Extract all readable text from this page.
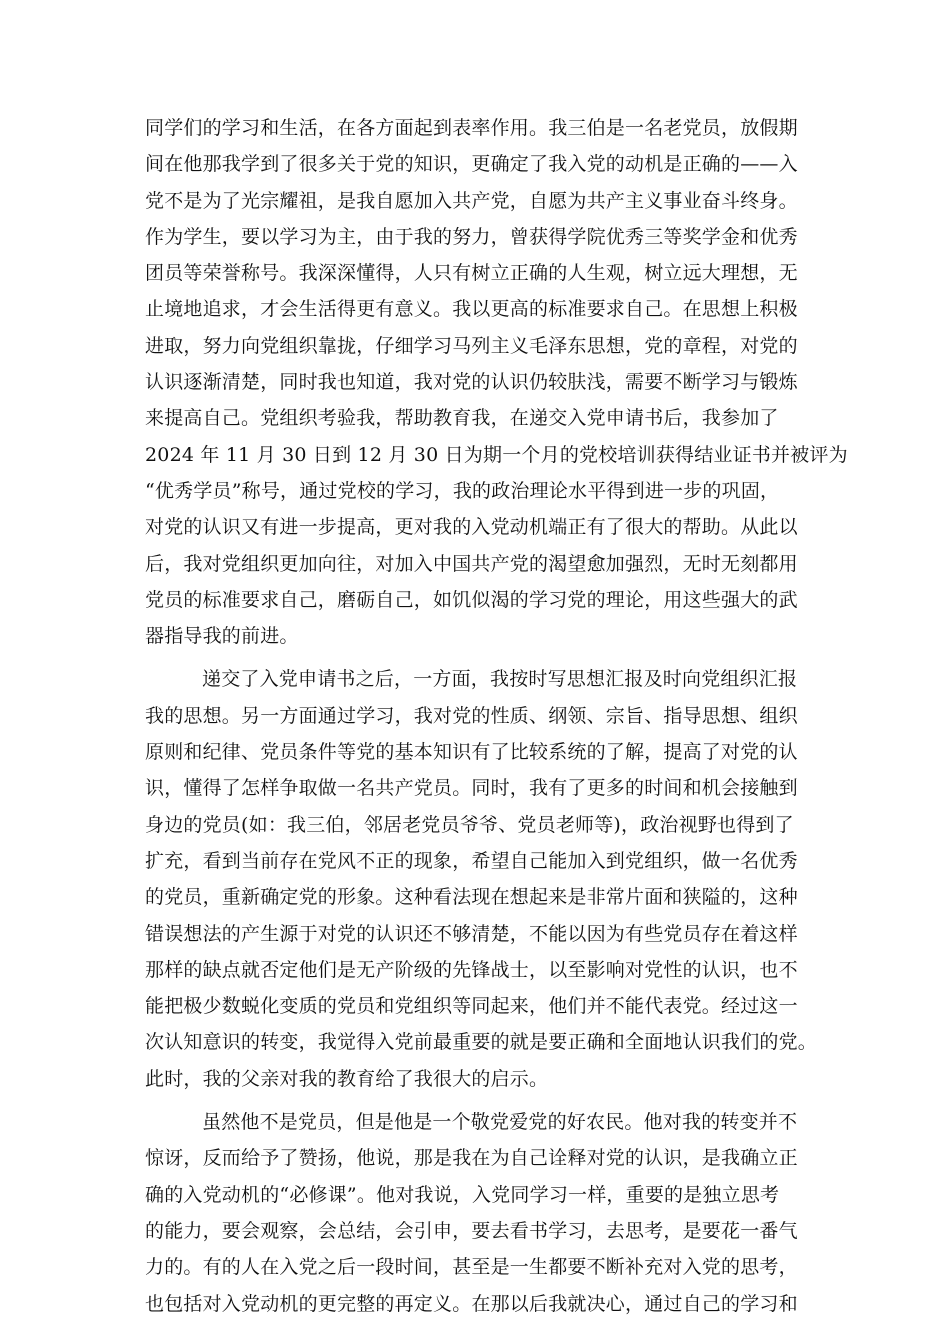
同学们的学习和生活，在各方面起到表率作用。我三伯是一名老党员，放假期
间在他那我学到了很多关于党的知识，更确定了我入党的动机是正确的——入
党不是为了光宗耀祖，是我自愿加入共产党，自愿为共产主义事业奋斗终身。
作为学生，要以学习为主，由于我的努力，曾获得学院优秀三等奖学金和优秀
团员等荣誉称号。我深深懂得，人只有树立正确的人生观，树立远大理想，无
止境地追求，才会生活得更有意义。我以更高的标准要求自己。在思想上积极
进取，努力向党组织靠拢，仔细学习马列主义毛泽东思想，党的章程，对党的
认识逐渐清楚，同时我也知道，我对党的认识仍较肤浅，需要不断学习与锻炼
来提高自己。党组织考验我，帮助教育我，在递交入党申请书后，我参加了
2024 年 11 月 30 日到 12 月 30 日为期一个月的党校培训获得结业证书并被评为
“优秀学员”称号，通过党校的学习，我的政治理论水平得到进一步的巩固，
对党的认识又有进一步提高，更对我的入党动机端正有了很大的帮助。从此以
后，我对党组织更加向往，对加入中国共产党的渴望愈加强烈，无时无刻都用
党员的标准要求自己，磨砺自己，如饥似渴的学习党的理论，用这些强大的武
器指导我的前进。
递交了入党申请书之后，一方面，我按时写思想汇报及时向党组织汇报
我的思想。另一方面通过学习，我对党的性质、纲领、宗旨、指导思想、组织
原则和纪律、党员条件等党的基本知识有了比较系统的了解，提高了对党的认
识，懂得了怎样争取做一名共产党员。同时，我有了更多的时间和机会接触到
身边的党员(如：我三伯，邻居老党员爷爷、党员老师等)，政治视野也得到了
扩充，看到当前存在党风不正的现象，希望自己能加入到党组织，做一名优秀
的党员，重新确定党的形象。这种看法现在想起来是非常片面和狭隘的，这种
错误想法的产生源于对党的认识还不够清楚，不能以因为有些党员存在着这样
那样的缺点就否定他们是无产阶级的先锋战士，以至影响对党性的认识，也不
能把极少数蜕化变质的党员和党组织等同起来，他们并不能代表党。经过这一
次认知意识的转变，我觉得入党前最重要的就是要正确和全面地认识我们的党。
此时，我的父亲对我的教育给了我很大的启示。
虽然他不是党员，但是他是一个敬党爱党的好农民。他对我的转变并不
惊讶，反而给予了赞扬，他说，那是我在为自己诠释对党的认识，是我确立正
确的入党动机的“必修课”。他对我说，入党同学习一样，重要的是独立思考
的能力，要会观察，会总结，会引申，要去看书学习，去思考，是要花一番气
力的。有的人在入党之后一段时间，甚至是一生都要不断补充对入党的思考，
也包括对入党动机的更完整的再定义。在那以后我就决心，通过自己的学习和
